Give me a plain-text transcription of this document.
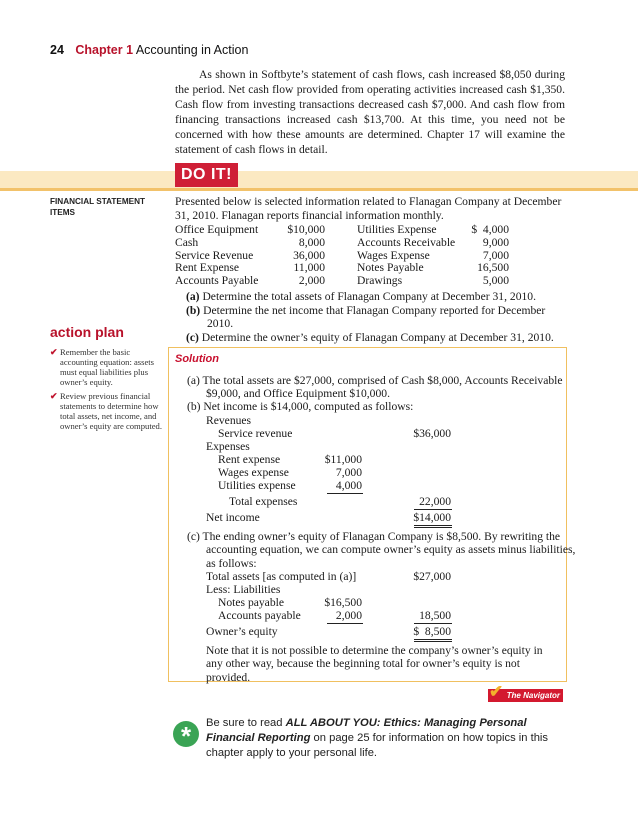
24 Chapter 1 Accounting in Action

As shown in Softbyte’s statement of cash flows, cash increased $8,050 during the period. Net cash flow provided from operating activities increased cash $1,350. Cash flow from investing transactions decreased cash $7,000. And cash flow from financing transactions increased cash $13,700. At this time, you need not be concerned with how these amounts are determined. Chapter 17 will examine the statement of cash flows in detail.

DO IT!
FINANCIAL STATEMENT ITEMS
action plan
✔ Remember the basic accounting equation: assets must equal liabilities plus owner’s equity.
✔ Review previous financial statements to determine how total assets, net income, and owner’s equity are computed.

Presented below is selected information related to Flanagan Company at December 31, 2010. Flanagan reports financial information monthly.

Office Equipment	$10,000		Utilities Expense	$  4,000
Cash	8,000		Accounts Receivable	9,000
Service Revenue	36,000		Wages Expense	7,000
Rent Expense	11,000		Notes Payable	16,500
Accounts Payable	2,000		Drawings	5,000
(a) Determine the total assets of Flanagan Company at December 31, 2010.
(b) Determine the net income that Flanagan Company reported for December 2010.
(c) Determine the owner’s equity of Flanagan Company at December 31, 2010.
Solution
(a) The total assets are $27,000, comprised of Cash $8,000, Accounts Receivable $9,000, and Office Equipment $10,000.
(b) Net income is $14,000, computed as follows:
Revenues
Service revenue	$36,000
Expenses
Rent expense	$11,000
Wages expense	7,000
Utilities expense	4,000
Total expenses	22,000
Net income	$14,000
(c) The ending owner’s equity of Flanagan Company is $8,500. By rewriting the accounting equation, we can compute owner’s equity as assets minus liabilities, as follows:
Total assets [as computed in (a)]	$27,000
Less: Liabilities
Notes payable	$16,500
Accounts payable	2,000	18,500
Owner’s equity	$  8,500
Note that it is not possible to determine the company’s owner’s equity in any other way, because the beginning total for owner’s equity is not provided.
The Navigator
✔
*	Be sure to read ALL ABOUT YOU: Ethics: Managing Personal Financial Reporting on page 25 for information on how topics in this chapter apply to your personal life.
